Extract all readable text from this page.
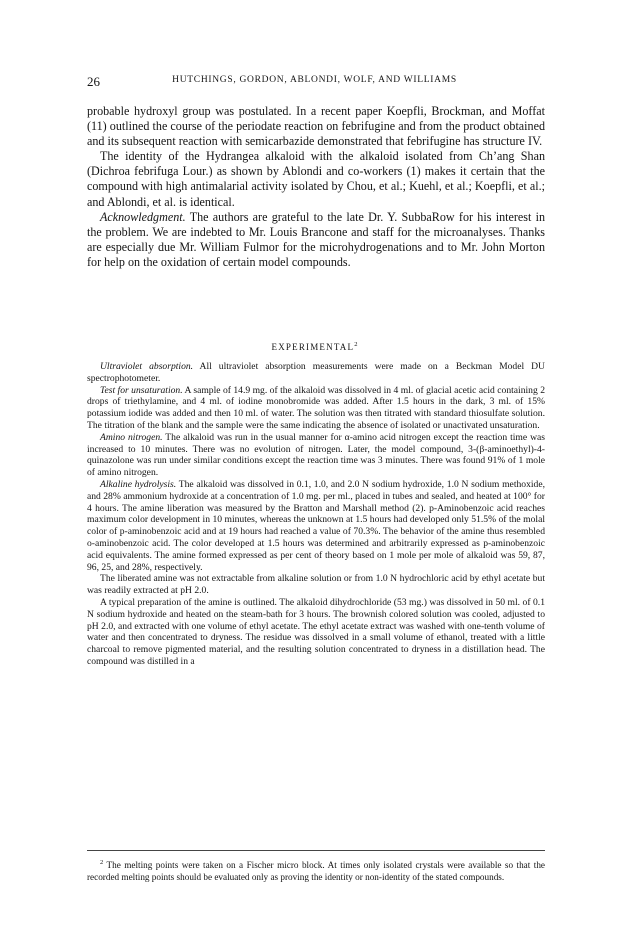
26	HUTCHINGS, GORDON, ABLONDI, WOLF, AND WILLIAMS

probable hydroxyl group was postulated. In a recent paper Koepfli, Brockman, and Moffat (11) outlined the course of the periodate reaction on febrifugine and from the product obtained and its subsequent reaction with semicarbazide demonstrated that febrifugine has structure IV.

The identity of the Hydrangea alkaloid with the alkaloid isolated from Ch’ang Shan (Dichroa febrifuga Lour.) as shown by Ablondi and co-workers (1) makes it certain that the compound with high antimalarial activity isolated by Chou, et al.; Kuehl, et al.; Koepfli, et al.; and Ablondi, et al. is identical.

Acknowledgment. The authors are grateful to the late Dr. Y. SubbaRow for his interest in the problem. We are indebted to Mr. Louis Brancone and staff for the microanalyses. Thanks are especially due Mr. William Fulmor for the microhydrogenations and to Mr. John Morton for help on the oxidation of certain model compounds.

EXPERIMENTAL$^2$

Ultraviolet absorption. All ultraviolet absorption measurements were made on a Beckman Model DU spectrophotometer.

Test for unsaturation. A sample of 14.9 mg. of the alkaloid was dissolved in 4 ml. of glacial acetic acid containing 2 drops of triethylamine, and 4 ml. of iodine monobromide was added. After 1.5 hours in the dark, 3 ml. of 15% potassium iodide was added and then 10 ml. of water. The solution was then titrated with standard thiosulfate solution. The titration of the blank and the sample were the same indicating the absence of isolated or unactivated unsaturation.

Amino nitrogen. The alkaloid was run in the usual manner for α-amino acid nitrogen except the reaction time was increased to 10 minutes. There was no evolution of nitrogen. Later, the model compound, 3-(β-aminoethyl)-4-quinazolone was run under similar conditions except the reaction time was 3 minutes. There was found 91% of 1 mole of amino nitrogen.

Alkaline hydrolysis. The alkaloid was dissolved in 0.1, 1.0, and 2.0 N sodium hydroxide, 1.0 N sodium methoxide, and 28% ammonium hydroxide at a concentration of 1.0 mg. per ml., placed in tubes and sealed, and heated at 100° for 4 hours. The amine liberation was measured by the Bratton and Marshall method (2). p-Aminobenzoic acid reaches maximum color development in 10 minutes, whereas the unknown at 1.5 hours had developed only 51.5% of the molal color of p-aminobenzoic acid and at 19 hours had reached a value of 70.3%. The behavior of the amine thus resembled o-aminobenzoic acid. The color developed at 1.5 hours was determined and arbitrarily expressed as p-aminobenzoic acid equivalents. The amine formed expressed as per cent of theory based on 1 mole per mole of alkaloid was 59, 87, 96, 25, and 28%, respectively.

The liberated amine was not extractable from alkaline solution or from 1.0 N hydrochloric acid by ethyl acetate but was readily extracted at pH 2.0.

A typical preparation of the amine is outlined. The alkaloid dihydrochloride (53 mg.) was dissolved in 50 ml. of 0.1 N sodium hydroxide and heated on the steam-bath for 3 hours. The brownish colored solution was cooled, adjusted to pH 2.0, and extracted with one volume of ethyl acetate. The ethyl acetate extract was washed with one-tenth volume of water and then concentrated to dryness. The residue was dissolved in a small volume of ethanol, treated with a little charcoal to remove pigmented material, and the resulting solution concentrated to dryness in a distillation head. The compound was distilled in a

$^2$ The melting points were taken on a Fischer micro block. At times only isolated crystals were available so that the recorded melting points should be evaluated only as proving the identity or non-identity of the stated compounds.
